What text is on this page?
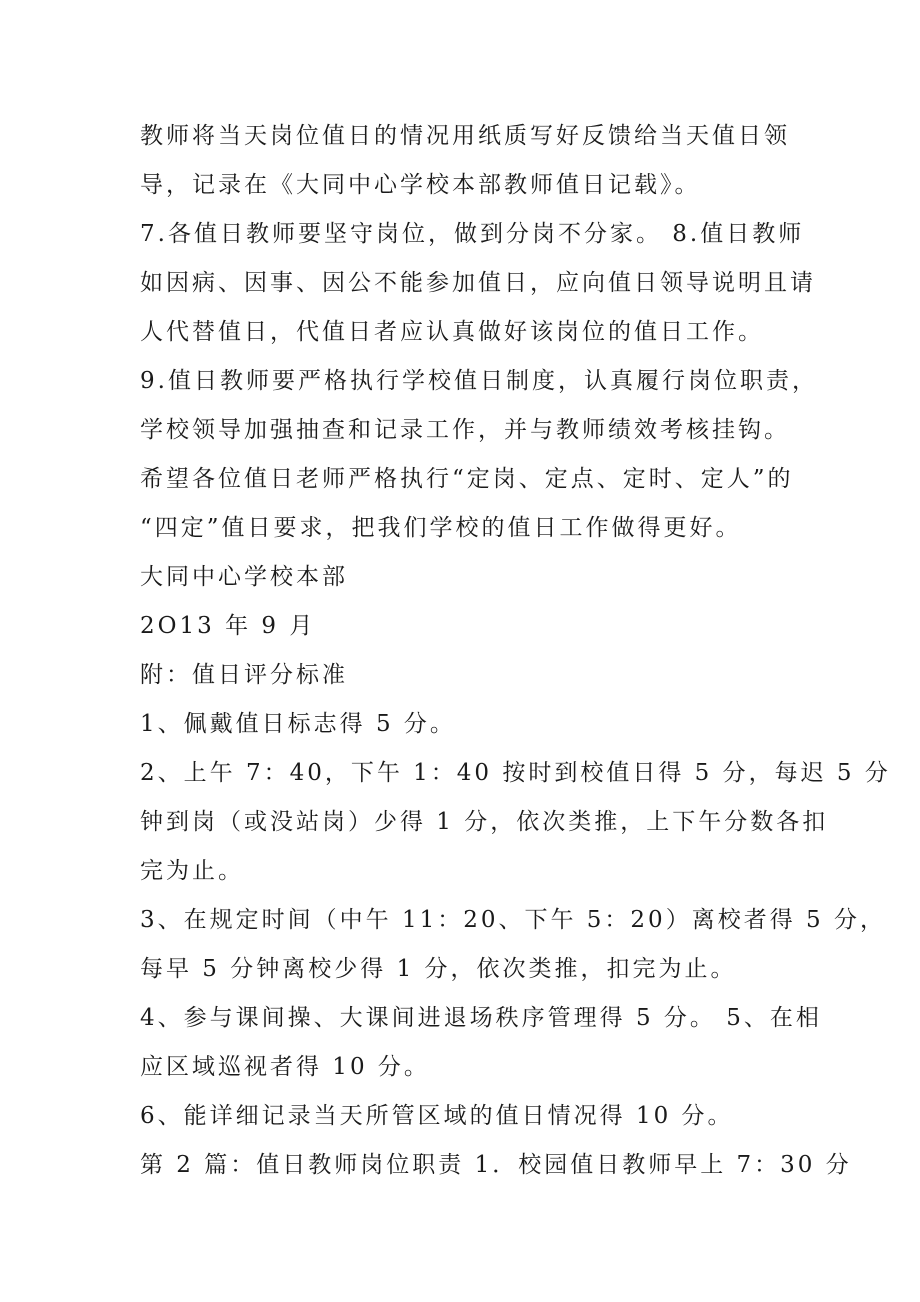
教师将当天岗位值日的情况用纸质写好反馈给当天值日领
导，记录在《大同中心学校本部教师值日记载》。
7.各值日教师要坚守岗位，做到分岗不分家。 8.值日教师
如因病、因事、因公不能参加值日，应向值日领导说明且请
人代替值日，代值日者应认真做好该岗位的值日工作。
9.值日教师要严格执行学校值日制度，认真履行岗位职责，
学校领导加强抽查和记录工作，并与教师绩效考核挂钩。
希望各位值日老师严格执行“定岗、定点、定时、定人”的
“四定”值日要求，把我们学校的值日工作做得更好。
大同中心学校本部
2O13 年 9 月
附：值日评分标准
1、佩戴值日标志得 5 分。
2、上午 7：40，下午 1：40 按时到校值日得 5 分，每迟 5 分
钟到岗（或没站岗）少得 1 分，依次类推，上下午分数各扣
完为止。
3、在规定时间（中午 11：20、下午 5：20）离校者得 5 分，
每早 5 分钟离校少得 1 分，依次类推，扣完为止。
4、参与课间操、大课间进退场秩序管理得 5 分。 5、在相
应区域巡视者得 10 分。
6、能详细记录当天所管区域的值日情况得 10 分。
第 2 篇：值日教师岗位职责 1．校园值日教师早上 7：30 分
